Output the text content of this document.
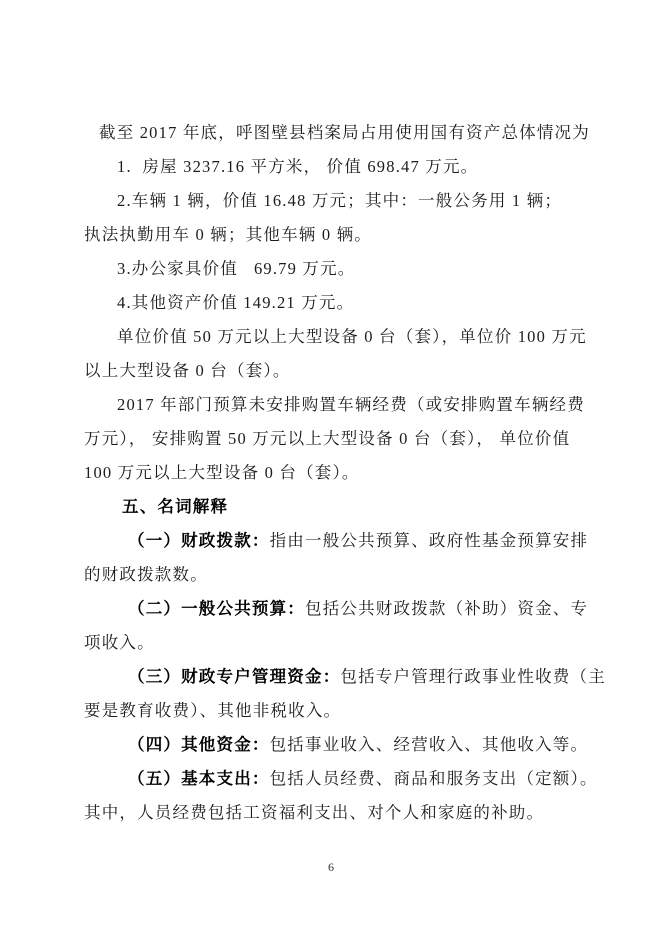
截至 2017 年底，呼图壁县档案局占用使用国有资产总体情况为
1.  房屋 3237.16 平方米， 价值 698.47 万元。
2.车辆 1 辆，价值 16.48 万元；其中：一般公务用 1 辆；
执法执勤用车 0 辆；其他车辆 0 辆。
3.办公家具价值   69.79 万元。
4.其他资产价值 149.21 万元。
单位价值 50 万元以上大型设备 0 台（套），单位价 100 万元
以上大型设备 0 台（套）。
2017 年部门预算未安排购置车辆经费（或安排购置车辆经费
万元）， 安排购置 50 万元以上大型设备 0 台（套）， 单位价值
100 万元以上大型设备 0 台（套）。
五、名词解释
（一）财政拨款：指由一般公共预算、政府性基金预算安排
的财政拨款数。
（二）一般公共预算：包括公共财政拨款（补助）资金、专
项收入。
（三）财政专户管理资金：包括专户管理行政事业性收费（主
要是教育收费）、其他非税收入。
（四）其他资金：包括事业收入、经营收入、其他收入等。
（五）基本支出：包括人员经费、商品和服务支出（定额）。
其中，人员经费包括工资福利支出、对个人和家庭的补助。
6
